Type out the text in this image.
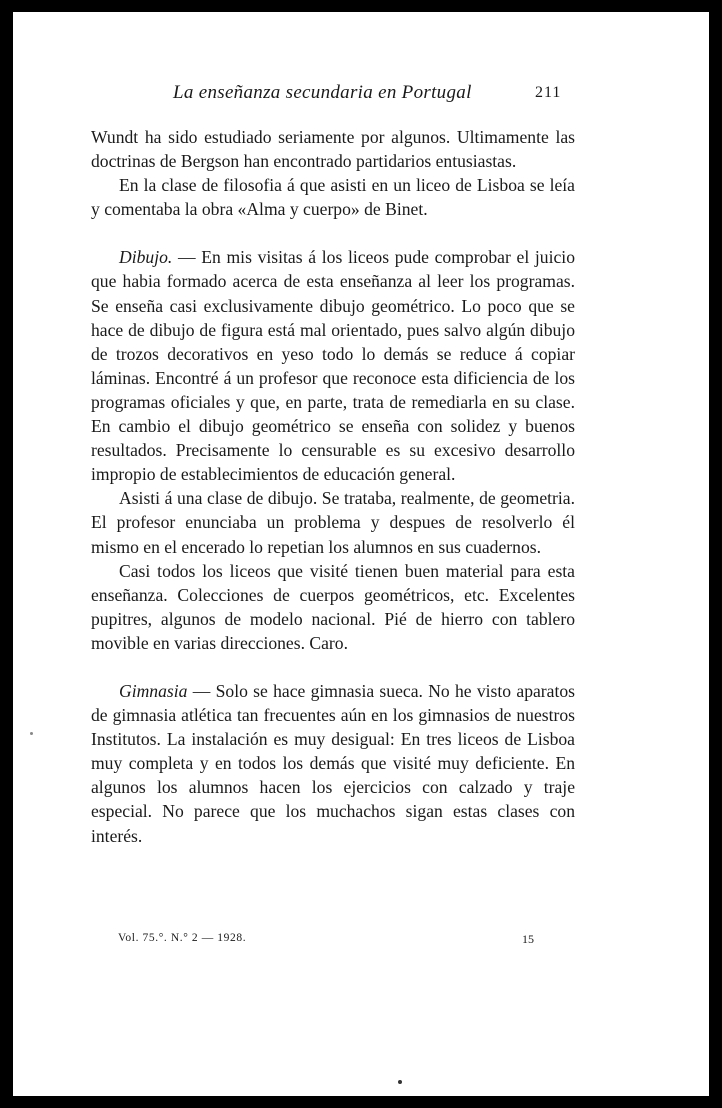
La enseñanza secundaria en Portugal	211

Wundt ha sido estudiado seriamente por algunos. Ultimamente las doctrinas de Bergson han encontrado partidarios entusiastas.

En la clase de filosofia á que asisti en un liceo de Lisboa se leía y comentaba la obra «Alma y cuerpo» de Binet.

Dibujo. — En mis visitas á los liceos pude comprobar el juicio que habia formado acerca de esta enseñanza al leer los programas. Se enseña casi exclusivamente dibujo geométrico. Lo poco que se hace de dibujo de figura está mal orientado, pues salvo algún dibujo de trozos decorativos en yeso todo lo demás se reduce á copiar láminas. Encontré á un profesor que reconoce esta dificiencia de los programas oficiales y que, en parte, trata de remediarla en su clase. En cambio el dibujo geométrico se enseña con solidez y buenos resultados. Precisamente lo censurable es su excesivo desarrollo impropio de establecimientos de educación general.

Asisti á una clase de dibujo. Se trataba, realmente, de geometria. El profesor enunciaba un problema y despues de resolverlo él mismo en el encerado lo repetian los alumnos en sus cuadernos.

Casi todos los liceos que visité tienen buen material para esta enseñanza. Colecciones de cuerpos geométricos, etc. Excelentes pupitres, algunos de modelo nacional. Pié de hierro con tablero movible en varias direcciones. Caro.

Gimnasia — Solo se hace gimnasia sueca. No he visto aparatos de gimnasia atlética tan frecuentes aún en los gimnasios de nuestros Institutos. La instalación es muy desigual: En tres liceos de Lisboa muy completa y en todos los demás que visité muy deficiente. En algunos los alumnos hacen los ejercicios con calzado y traje especial. No parece que los muchachos sigan estas clases con interés.

Vol. 75.°. N.° 2 — 1928.	15
